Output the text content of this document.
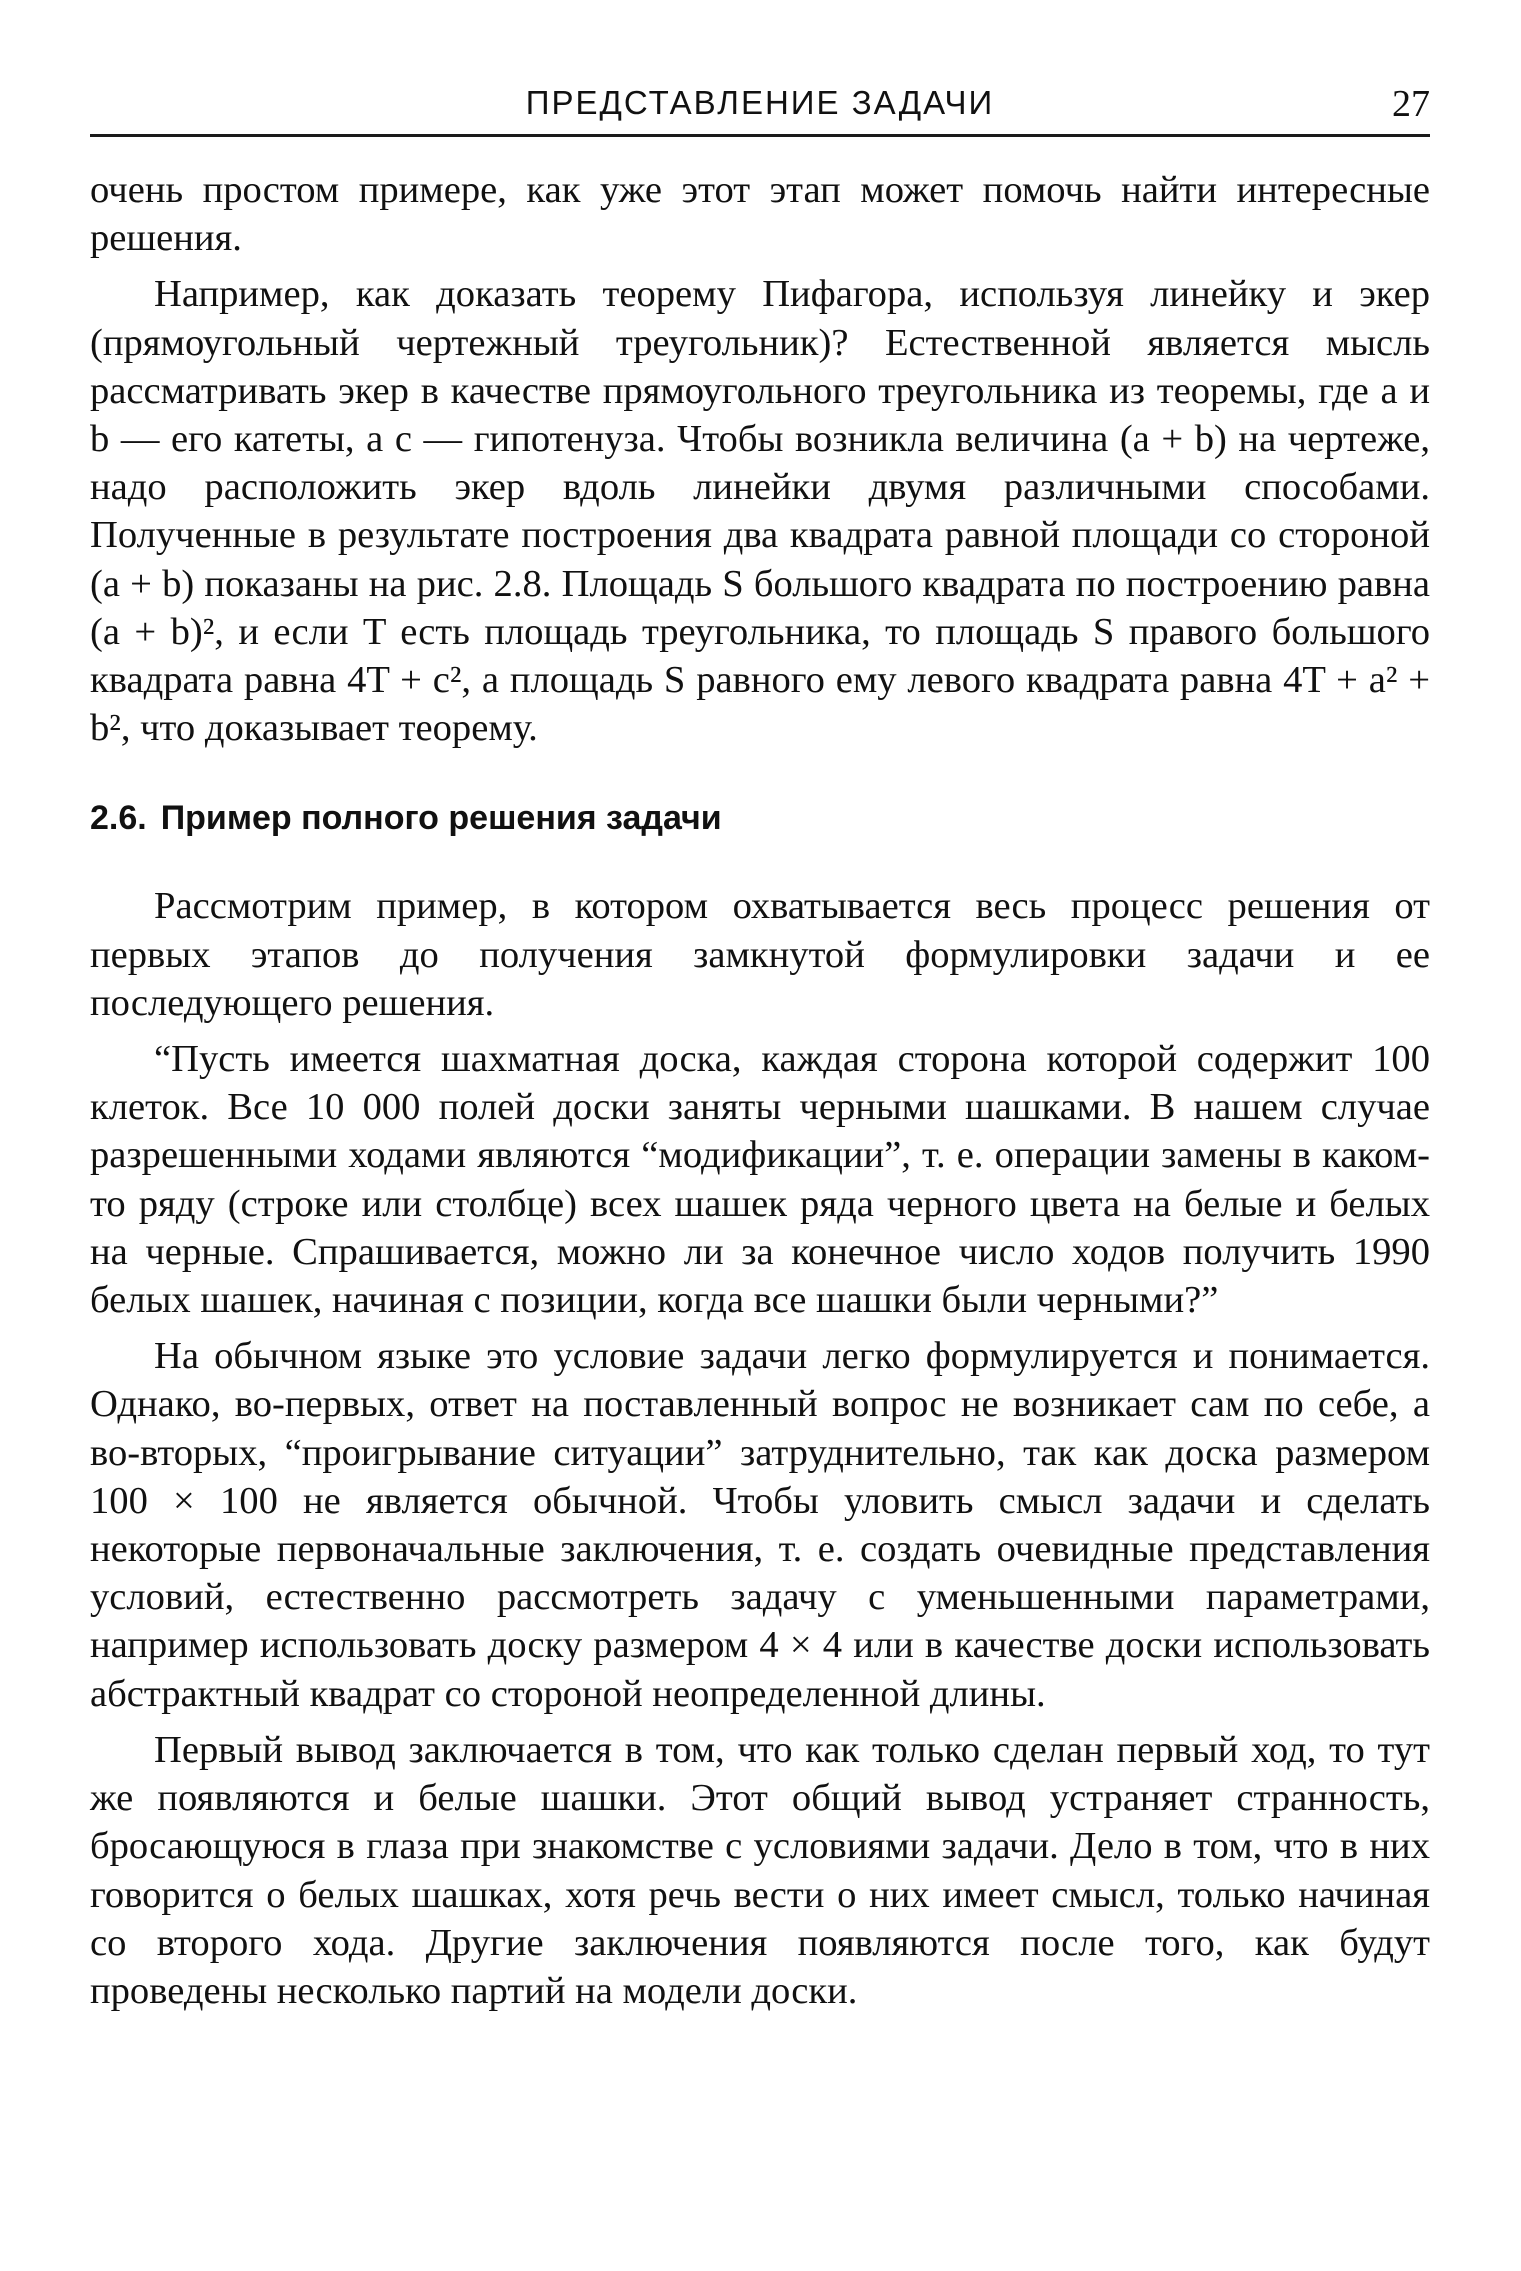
ПРЕДСТАВЛЕНИЕ ЗАДАЧИ	27

очень простом примере, как уже этот этап может помочь найти интересные решения.

Например, как доказать теорему Пифагора, используя линейку и экер (прямоугольный чертежный треугольник)? Естественной является мысль рассматривать экер в качестве прямоугольного треугольника из теоремы, где a и b — его катеты, a c — гипотенуза. Чтобы возникла величина (a + b) на чертеже, надо расположить экер вдоль линейки двумя различными способами. Полученные в результате построения два квадрата равной площади со стороной (a + b) показаны на рис. 2.8. Площадь S большого квадрата по построению равна (a + b)², и если T есть площадь треугольника, то площадь S правого большого квадрата равна 4T + c², а площадь S равного ему левого квадрата равна 4T + a² + b², что доказывает теорему.

2.6. Пример полного решения задачи

Рассмотрим пример, в котором охватывается весь процесс решения от первых этапов до получения замкнутой формулировки задачи и ее последующего решения.

“Пусть имеется шахматная доска, каждая сторона которой содержит 100 клеток. Все 10 000 полей доски заняты черными шашками. В нашем случае разрешенными ходами являются “модификации”, т. е. операции замены в каком-то ряду (строке или столбце) всех шашек ряда черного цвета на белые и белых на черные. Спрашивается, можно ли за конечное число ходов получить 1990 белых шашек, начиная с позиции, когда все шашки были черными?”

На обычном языке это условие задачи легко формулируется и понимается. Однако, во-первых, ответ на поставленный вопрос не возникает сам по себе, а во-вторых, “проигрывание ситуации” затруднительно, так как доска размером 100 × 100 не является обычной. Чтобы уловить смысл задачи и сделать некоторые первоначальные заключения, т. е. создать очевидные представления условий, естественно рассмотреть задачу с уменьшенными параметрами, например использовать доску размером 4 × 4 или в качестве доски использовать абстрактный квадрат со стороной неопределенной длины.

Первый вывод заключается в том, что как только сделан первый ход, то тут же появляются и белые шашки. Этот общий вывод устраняет странность, бросающуюся в глаза при знакомстве с условиями задачи. Дело в том, что в них говорится о белых шашках, хотя речь вести о них имеет смысл, только начиная со второго хода. Другие заключения появляются после того, как будут проведены несколько партий на модели доски.
